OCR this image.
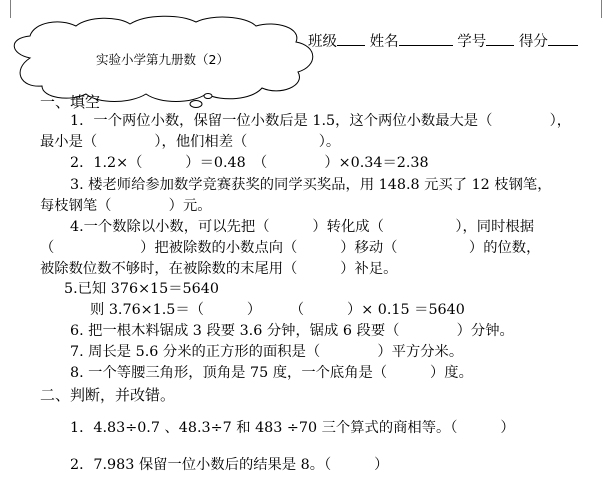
实验小学第九册数（2）
班级 姓名	学号 得分
一、填空
1．一个两位小数，保留一位小数后是 1.5，这个两位小数最大是（　　　　），
最小是（　　　　），他们相差（　　　　　）。
2．1.2×（　　　）＝0.48　（　　　　）×0.34＝2.38
3. 楼老师给参加数学竞赛获奖的同学买奖品，用 148.8 元买了 12 枝钢笔，
每枝钢笔（　　　　）元。
4.一个数除以小数，可以先把（　　　）转化成（　　　　　），同时根据
（　　　　　　）把被除数的小数点向（　　　）移动（　　　　　）的位数，
被除数位数不够时，在被除数的末尾用（　　　）补足。
5.已知 376×15＝5640
则 3.76×1.5＝（　　　）　　　（　　　）× 0.15 ＝5640
6. 把一根木料锯成 3 段要 3.6 分钟，锯成 6 段要（　　　　）分钟。
7. 周长是 5.6 分米的正方形的面积是（　　　　）平方分米。
8. 一个等腰三角形，顶角是 75 度，一个底角是（　　　）度。
二、判断，并改错。
1．4.83÷0.7 、48.3÷7 和 483 ÷70 三个算式的商相等。（　　　）
2．7.983 保留一位小数后的结果是 8。（　　　）
